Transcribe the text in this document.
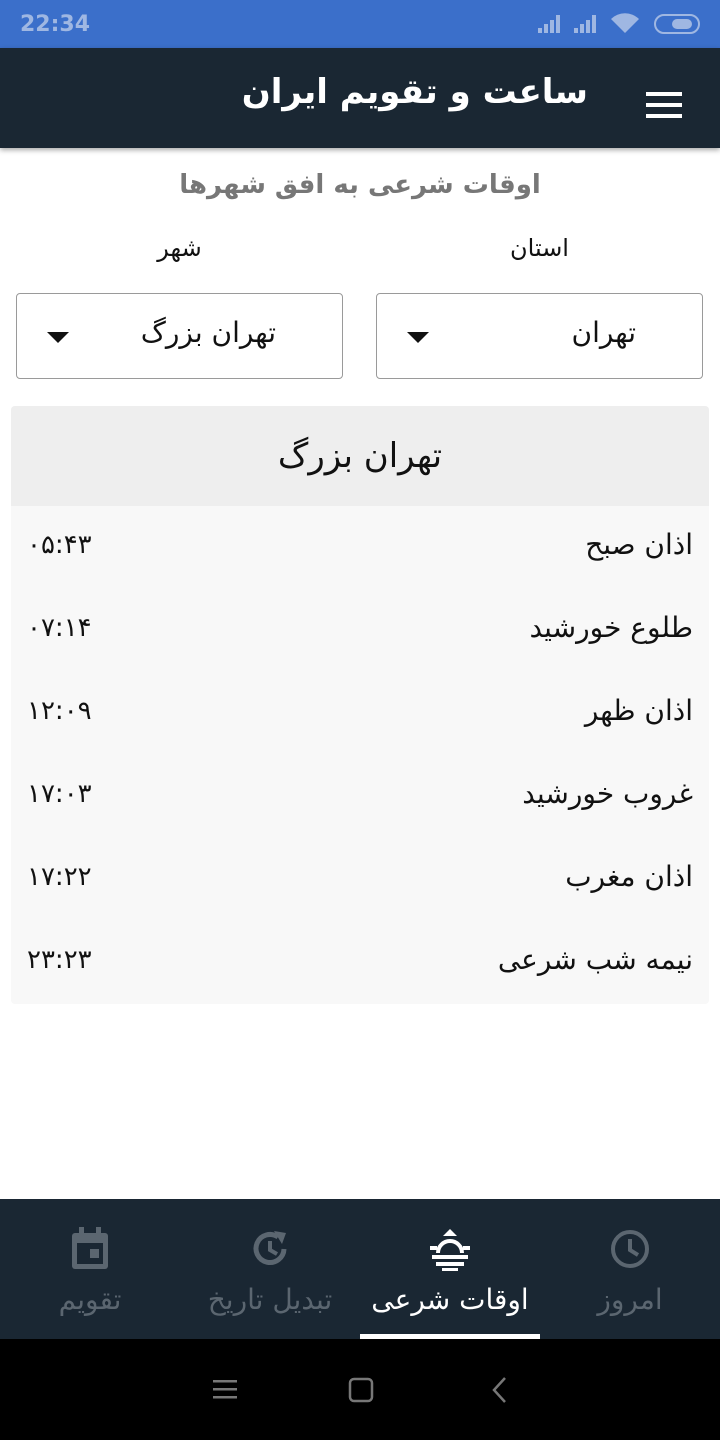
22:34
ساعت و تقویم ایران
اوقات شرعی به افق شهرها
استان
شهر
تهران
تهران بزرگ
تهران بزرگ
اذان صبح
۰۵:۴۳
طلوع خورشید
۰۷:۱۴
اذان ظهر
۱۲:۰۹
غروب خورشید
۱۷:۰۳
اذان مغرب
۱۷:۲۲
نیمه شب شرعی
۲۳:۲۳
تقویم	تبدیل تاریخ	اوقات شرعی	امروز
